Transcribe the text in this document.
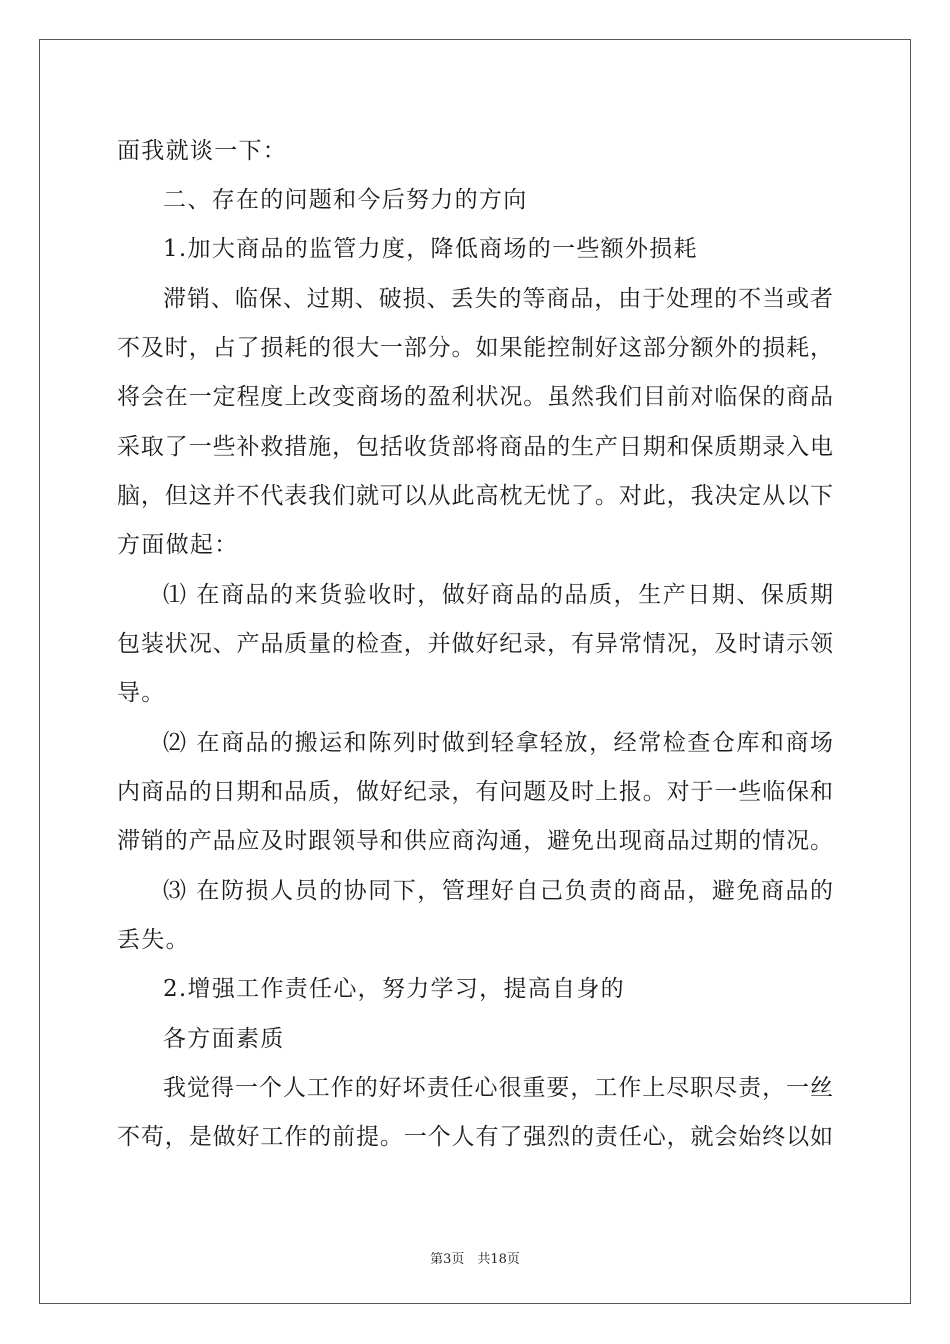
面我就谈一下：
二、存在的问题和今后努力的方向
1.加大商品的监管力度，降低商场的一些额外损耗
滞销、临保、过期、破损、丢失的等商品，由于处理的不当或者
不及时，占了损耗的很大一部分。如果能控制好这部分额外的损耗，
将会在一定程度上改变商场的盈利状况。虽然我们目前对临保的商品
采取了一些补救措施，包括收货部将商品的生产日期和保质期录入电
脑，但这并不代表我们就可以从此高枕无忧了。对此，我决定从以下
方面做起：
⑴ 在商品的来货验收时，做好商品的品质，生产日期、保质期
包装状况、产品质量的检查，并做好纪录，有异常情况，及时请示领
导。
⑵ 在商品的搬运和陈列时做到轻拿轻放，经常检查仓库和商场
内商品的日期和品质，做好纪录，有问题及时上报。对于一些临保和
滞销的产品应及时跟领导和供应商沟通，避免出现商品过期的情况。
⑶ 在防损人员的协同下，管理好自己负责的商品，避免商品的
丢失。
2.增强工作责任心，努力学习，提高自身的
各方面素质
我觉得一个人工作的好坏责任心很重要，工作上尽职尽责，一丝
不苟，是做好工作的前提。一个人有了强烈的责任心，就会始终以如
第3页　共18页
